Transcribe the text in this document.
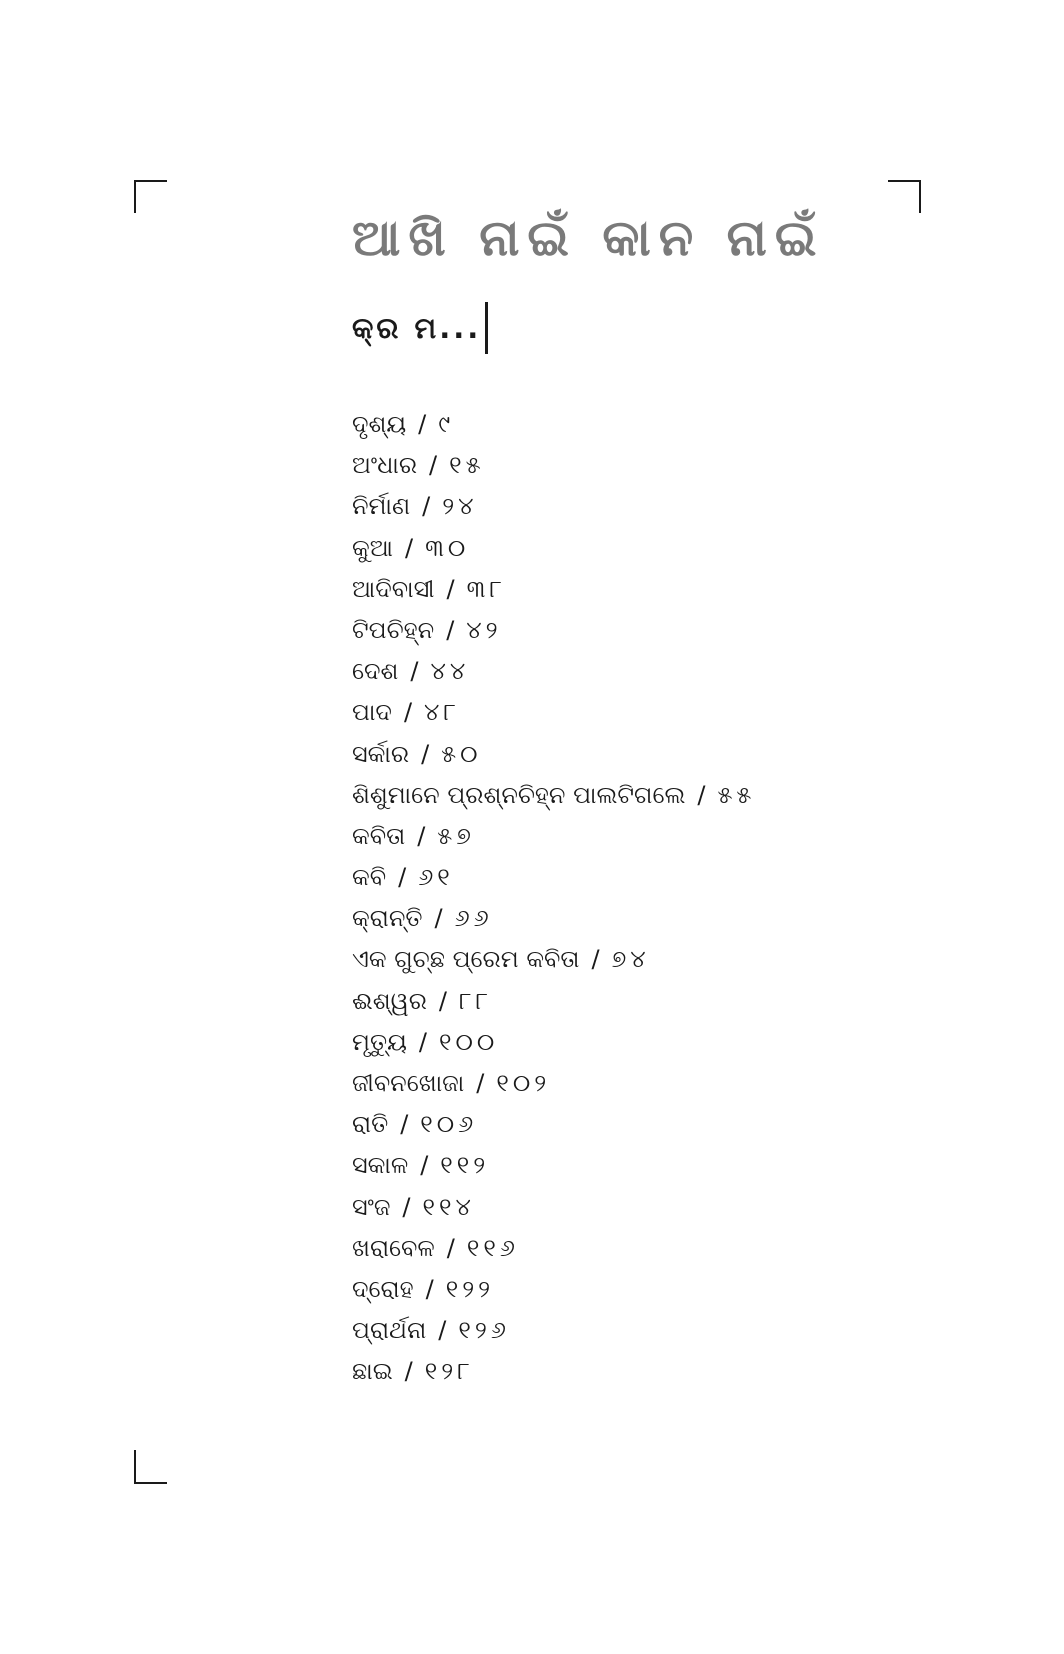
ଆଖି ନାଇଁ କାନ ନାଇଁ
କ୍ର ମ...
ଦୃଶ୍ୟ / ୯
ଅଂଧାର / ୧୫
ନିର୍ମାଣ / ୨୪
କୁଆ / ୩୦
ଆଦିବାସୀ / ୩୮
ଟିପଚିହ୍ନ / ୪୨
ଦେଶ / ୪୪
ପାଦ / ୪୮
ସର୍କାର / ୫୦
ଶିଶୁମାନେ ପ୍ରଶ୍ନଚିହ୍ନ ପାଲଟିଗଲେ / ୫୫
କବିତା / ୫୭
କବି / ୬୧
କ୍ରାନ୍ତି / ୬୬
ଏକ ଗୁଚ୍ଛ ପ୍ରେମ କବିତା / ୭୪
ଈଶ୍ୱର / ୮୮
ମୃତ୍ୟୁ / ୧୦୦
ଜୀବନଖୋଜା / ୧୦୨
ରାତି / ୧୦୬
ସକାଳ / ୧୧୨
ସଂଜ / ୧୧୪
ଖରାବେଳ / ୧୧୬
ଦ୍ରୋହ / ୧୨୨
ପ୍ରାର୍ଥନା / ୧୨୬
ଛାଇ / ୧୨୮
